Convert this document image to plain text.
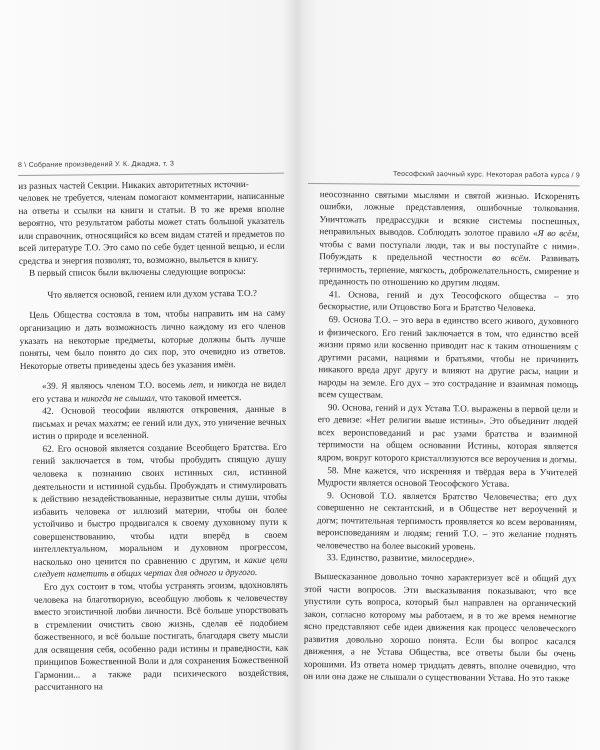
8 \ Собрание произведений У. К. Джаджа, т. 3

из разных частей Секции. Никаких авторитетных источни-

человек не требуется, членам помогают комментарии, написанные на ответы и ссылки на книги и статьи. В то же время вполне вероятно, что результатом работы может стать большой указатель или справочник, относящийся ко всем видам статей и предметов по всей литературе Т.О. Это само по себе будет ценной вещью, и если средства и энергия позволят, то, возможно, выльется в книгу.

В первый список были включены следующие вопросы:

Что является основой, гением или духом устава Т.О.?

Цель Общества состояла в том, чтобы направить им на саму организацию и дать возможность лично каждому из его членов указать на некоторые предметы, которые должны быть лучше поняты, чем было понято до сих пор, это очевидно из ответов. Некоторые ответы приведены здесь без указания имён.

«39. Я являюсь членом Т.О. восемь лет, и никогда не видел его устава и никогда не слышал, что таковой имеется.

42. Основой теософии являются откровения, данные в письмах и речах махатм; ее гений или дух, это уничение вечных истин о природе и вселенной.

62. Его основой является создание Всеобщего Братства. Его гений заключается в том, чтобы пробудить спящую душу человека к познанию своих истинных сил, истинной деятельности и истинной судьбы. Пробуждать и стимулировать к действию незадействованные, неразвитые силы души, чтобы избавить человека от иллюзий материи, чтобы он более устойчиво и быстро продвигался к своему духовному пути к совершенствованию, чтобы идти вперёд в своем интеллектуальном, моральном и духовном прогрессом, насколько оно ценится по сравнению с другим, и какие цели следует наметить в общих чертах для одного и другого.

Его дух состоит в том, чтобы устранять эгоизм, вдохновлять человека на благотворную, всеобщую любовь к человечеству вместо эгоистичной любви личности. Всё больше упорствовать в стремлении очистить свою жизнь, сделав её подобием божественного, и всё больше постигать, благодаря свету мысли для освящения себя, особенно ради истины и праведности, как принципов Божественной Воли и для сохранения Божественной Гармонии... а также ради психического воздействия, рассчитанного на

Теософский заочный курс. Некоторая работа курса / 9

неосознанно святыми мыслями и святой жизнью. Искоренять ошибки, ложные представления, ошибочные толкования. Уничтожать предрассудки и всякие системы поспешных, неправильных выводов. Соблюдать золотое правило «Я во всём, чтобы с вами поступали люди, так и вы поступайте с ними». Побуждать к предельной честности во всём. Развивать терпимость, терпение, мягкость, доброжелательность, смирение и преданность по отношению ко другим людям.

41. Основа, гений и дух Теософского общества – это бескорыстие, или Отцовство Бога и Братство Человека.

69. Основа Т.О. – это вера в единство всего живого, духовного и физического. Его гений заключается в том, что единство всей жизни прямо или косвенно приводит нас к таким отношениям с другими расами, нациями и братьями, чтобы не причинить никакого вреда друг другу и влияют на другие расы, нации и народы на земле. Его дух – это сострадание и взаимная помощь всем существам.

90. Основа, гений и дух Устава Т.О. выражены в первой цели и его девизе: «Нет религии выше истины». Это объединит людей всех вероисповеданий и рас узами братства и взаимной терпимости на общем основании Истины, которая является ядром, вокруг которого кристаллизуются все вероучения и догмы.

58. Мне кажется, что искренняя и твёрдая вера в Учителей Мудрости является основой Теософского Устава.

9. Основой Т.О. является Братство Человечества; его дух совершенно не сектантский, и в Обществе нет вероучений и догм; почтительная терпимость проявляется ко всем верованиям, вероисповеданиям и людям; гений Т.О. – это желание поднять человечество на более высокий уровень.

33. Единство, развитие, милосердие».

Вышесказанное довольно точно характеризует всё и общий дух этой части вопросов. Эти высказывания показывают, что все упустили суть вопроса, который был направлен на органический закон, согласно которому мы работаем, и в то же время немногие ясно представляют себе идеи движения как процесс человеческого развития довольно хорошо понята. Если бы вопрос касался движения, а не Устава Общества, все ответы были бы очень хорошими. Из ответа номер тридцать девять, вполне очевидно, что он или она даже не слышали о существовании Устава. Но это также
